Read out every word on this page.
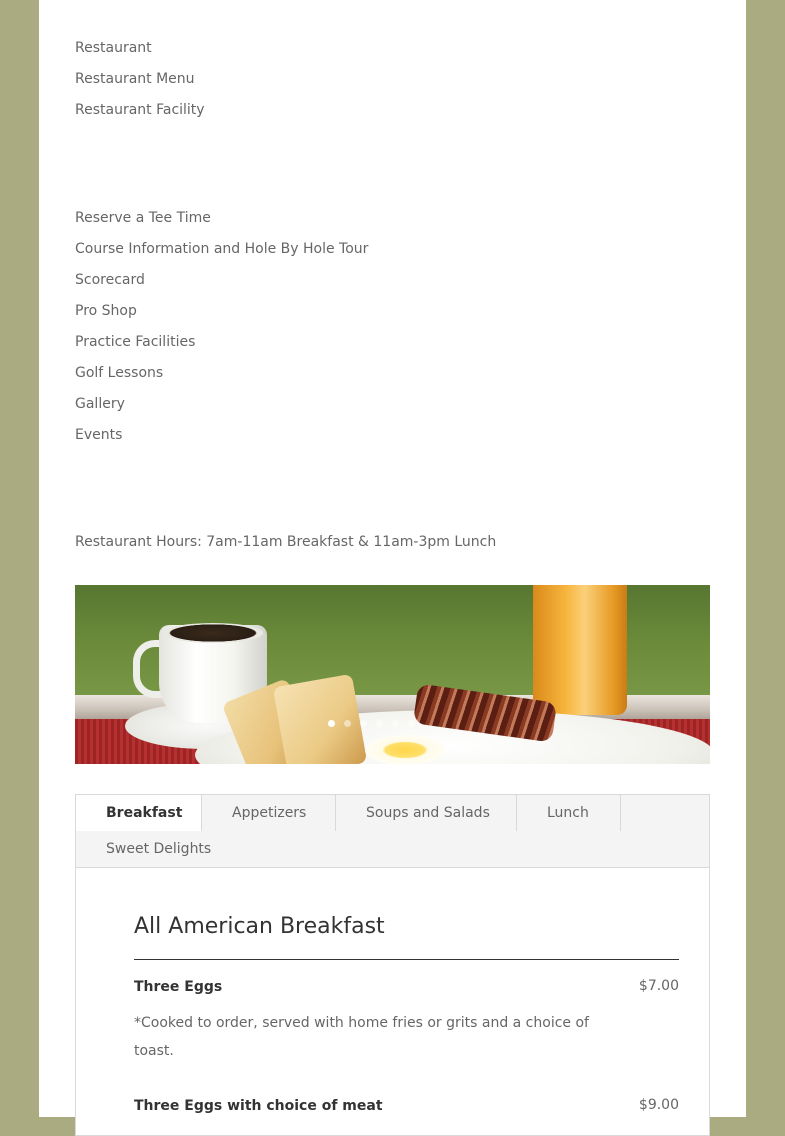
Restaurant
Restaurant Menu
Restaurant Facility
Reserve a Tee Time
Course Information and Hole By Hole Tour
Scorecard
Pro Shop
Practice Facilities
Golf Lessons
Gallery
Events
Restaurant Hours: 7am-11am Breakfast & 11am-3pm Lunch
Breakfast	Appetizers	Soups and Salads	Lunch
Sweet Delights
All American Breakfast
Three Eggs	$7.00
*Cooked to order, served with home fries or grits and a choice of toast.
Three Eggs with choice of meat	$9.00
